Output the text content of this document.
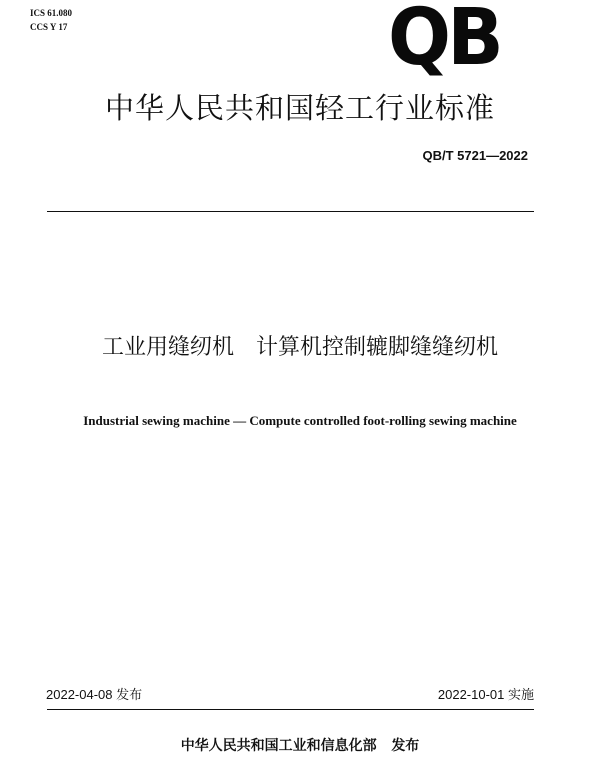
ICS 61.080
CCS Y 17	QB
中华人民共和国轻工行业标准
QB/T 5721—2022
工业用缝纫机　计算机控制辘脚缝缝纫机
Industrial sewing machine — Compute controlled foot-rolling sewing machine
2022-04-08 发布	2022-10-01 实施
中华人民共和国工业和信息化部 发布
